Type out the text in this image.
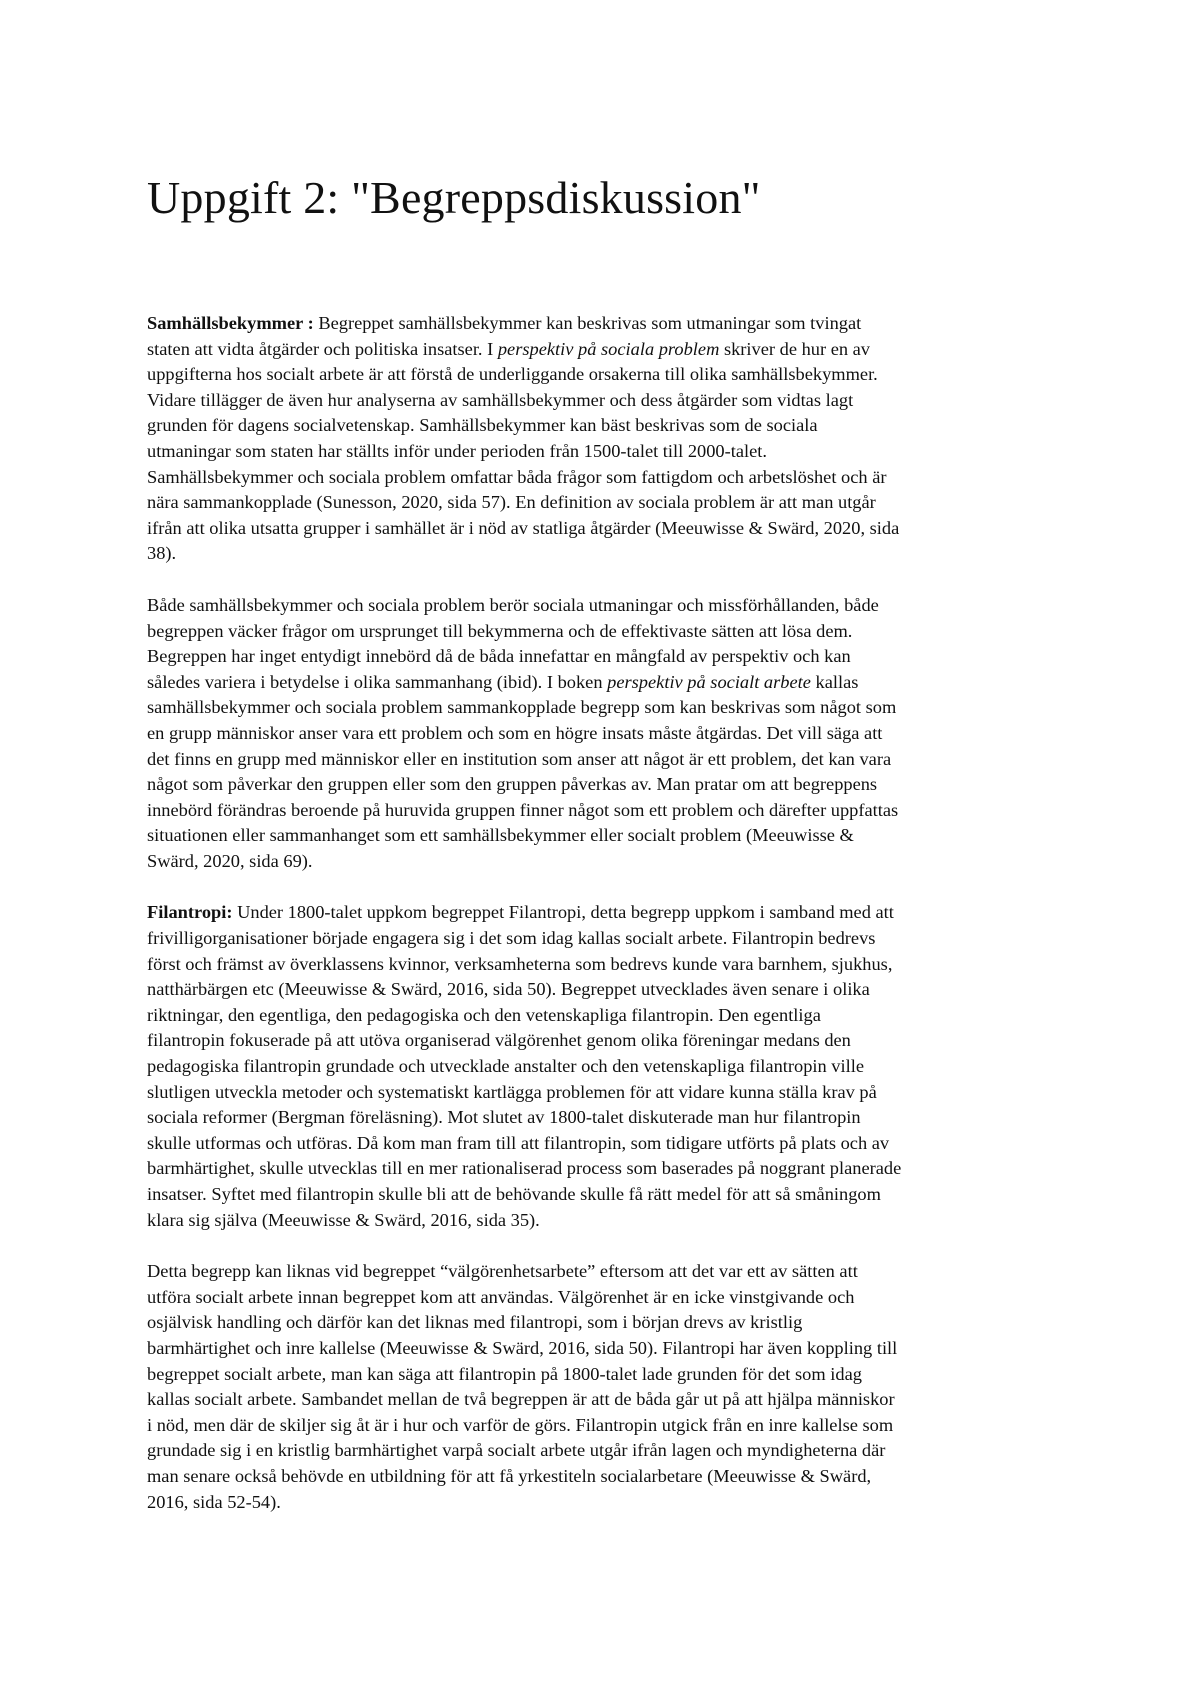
Uppgift 2: "Begreppsdiskussion"

Samhällsbekymmer : Begreppet samhällsbekymmer kan beskrivas som utmaningar som tvingat
staten att vidta åtgärder och politiska insatser. I perspektiv på sociala problem skriver de hur en av
uppgifterna hos socialt arbete är att förstå de underliggande orsakerna till olika samhällsbekymmer.
Vidare tillägger de även hur analyserna av samhällsbekymmer och dess åtgärder som vidtas lagt
grunden för dagens socialvetenskap. Samhällsbekymmer kan bäst beskrivas som de sociala
utmaningar som staten har ställts inför under perioden från 1500-talet till 2000-talet.
Samhällsbekymmer och sociala problem omfattar båda frågor som fattigdom och arbetslöshet och är
nära sammankopplade (Sunesson, 2020, sida 57). En definition av sociala problem är att man utgår
ifrån att olika utsatta grupper i samhället är i nöd av statliga åtgärder (Meeuwisse & Swärd, 2020, sida
38).

Både samhällsbekymmer och sociala problem berör sociala utmaningar och missförhållanden, både
begreppen väcker frågor om ursprunget till bekymmerna och de effektivaste sätten att lösa dem.
Begreppen har inget entydigt innebörd då de båda innefattar en mångfald av perspektiv och kan
således variera i betydelse i olika sammanhang (ibid). I boken perspektiv på socialt arbete kallas
samhällsbekymmer och sociala problem sammankopplade begrepp som kan beskrivas som något som
en grupp människor anser vara ett problem och som en högre insats måste åtgärdas. Det vill säga att
det finns en grupp med människor eller en institution som anser att något är ett problem, det kan vara
något som påverkar den gruppen eller som den gruppen påverkas av. Man pratar om att begreppens
innebörd förändras beroende på huruvida gruppen finner något som ett problem och därefter uppfattas
situationen eller sammanhanget som ett samhällsbekymmer eller socialt problem (Meeuwisse &
Swärd, 2020, sida 69).

Filantropi: Under 1800-talet uppkom begreppet Filantropi, detta begrepp uppkom i samband med att
frivilligorganisationer började engagera sig i det som idag kallas socialt arbete. Filantropin bedrevs
först och främst av överklassens kvinnor, verksamheterna som bedrevs kunde vara barnhem, sjukhus,
natthärbärgen etc (Meeuwisse & Swärd, 2016, sida 50). Begreppet utvecklades även senare i olika
riktningar, den egentliga, den pedagogiska och den vetenskapliga filantropin. Den egentliga
filantropin fokuserade på att utöva organiserad välgörenhet genom olika föreningar medans den
pedagogiska filantropin grundade och utvecklade anstalter och den vetenskapliga filantropin ville
slutligen utveckla metoder och systematiskt kartlägga problemen för att vidare kunna ställa krav på
sociala reformer (Bergman föreläsning). Mot slutet av 1800-talet diskuterade man hur filantropin
skulle utformas och utföras. Då kom man fram till att filantropin, som tidigare utförts på plats och av
barmhärtighet, skulle utvecklas till en mer rationaliserad process som baserades på noggrant planerade
insatser. Syftet med filantropin skulle bli att de behövande skulle få rätt medel för att så småningom
klara sig själva (Meeuwisse & Swärd, 2016, sida 35).

Detta begrepp kan liknas vid begreppet “välgörenhetsarbete” eftersom att det var ett av sätten att
utföra socialt arbete innan begreppet kom att användas. Välgörenhet är en icke vinstgivande och
osjälvisk handling och därför kan det liknas med filantropi, som i början drevs av kristlig
barmhärtighet och inre kallelse (Meeuwisse & Swärd, 2016, sida 50). Filantropi har även koppling till
begreppet socialt arbete, man kan säga att filantropin på 1800-talet lade grunden för det som idag
kallas socialt arbete. Sambandet mellan de två begreppen är att de båda går ut på att hjälpa människor
i nöd, men där de skiljer sig åt är i hur och varför de görs. Filantropin utgick från en inre kallelse som
grundade sig i en kristlig barmhärtighet varpå socialt arbete utgår ifrån lagen och myndigheterna där
man senare också behövde en utbildning för att få yrkestiteln socialarbetare (Meeuwisse & Swärd,
2016, sida 52-54).
